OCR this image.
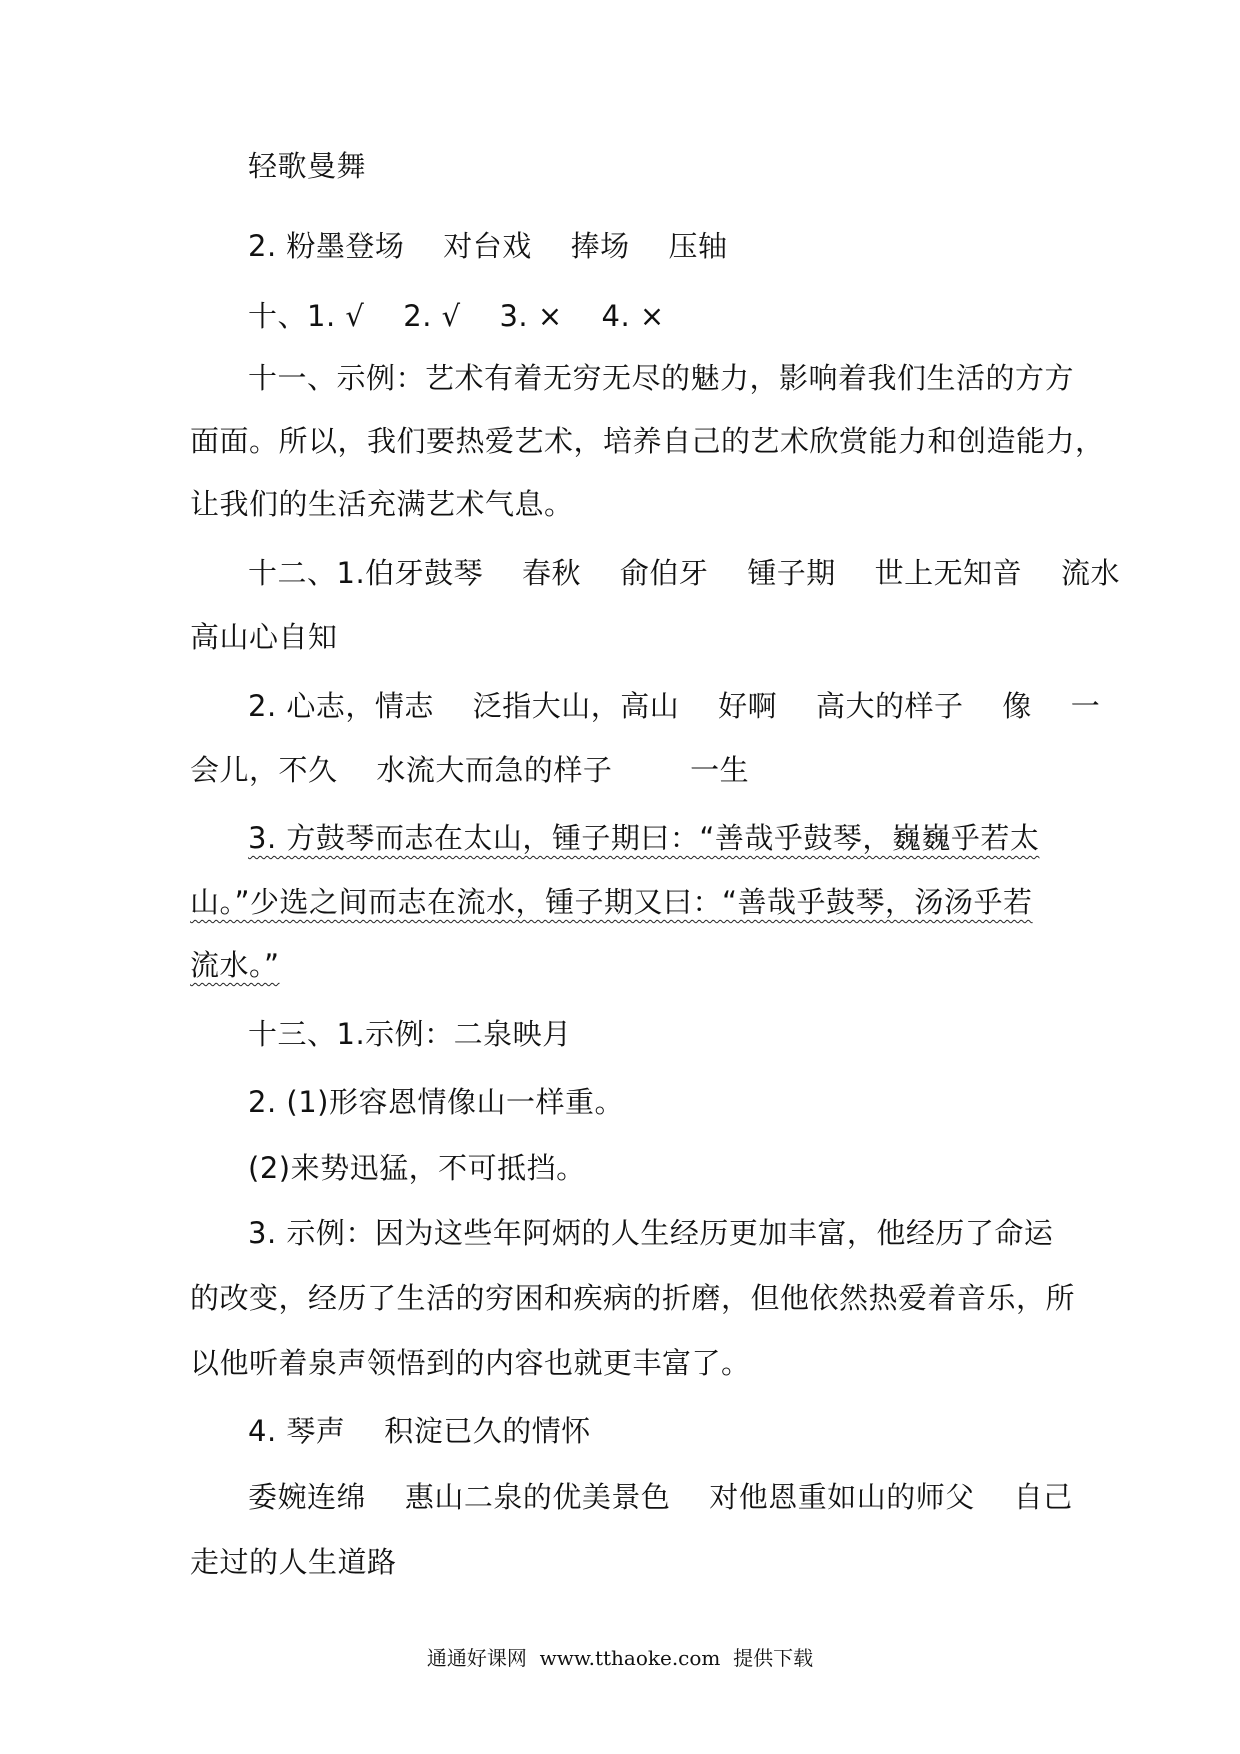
轻歌曼舞
2. 粉墨登场    对台戏    捧场    压轴
十、1. √    2. √    3. ×    4. ×
十一、示例：艺术有着无穷无尽的魅力，影响着我们生活的方方
面面。所以，我们要热爱艺术，培养自己的艺术欣赏能力和创造能力，
让我们的生活充满艺术气息。
十二、1.伯牙鼓琴    春秋    俞伯牙    锺子期    世上无知音    流水
高山心自知
2. 心志，情志    泛指大山，高山    好啊    高大的样子    像    一
会儿，不久    水流大而急的样子        一生
3. 方鼓琴而志在太山，锺子期曰：“善哉乎鼓琴，巍巍乎若太
山。”少选之间而志在流水，锺子期又曰：“善哉乎鼓琴，汤汤乎若
流水。”
十三、1.示例：二泉映月
2. (1)形容恩情像山一样重。
(2)来势迅猛，不可抵挡。
3. 示例：因为这些年阿炳的人生经历更加丰富，他经历了命运
的改变，经历了生活的穷困和疾病的折磨，但他依然热爱着音乐，所
以他听着泉声领悟到的内容也就更丰富了。
4. 琴声    积淀已久的情怀
委婉连绵    惠山二泉的优美景色    对他恩重如山的师父    自己
走过的人生道路
通通好课网  www.tthaoke.com  提供下载
